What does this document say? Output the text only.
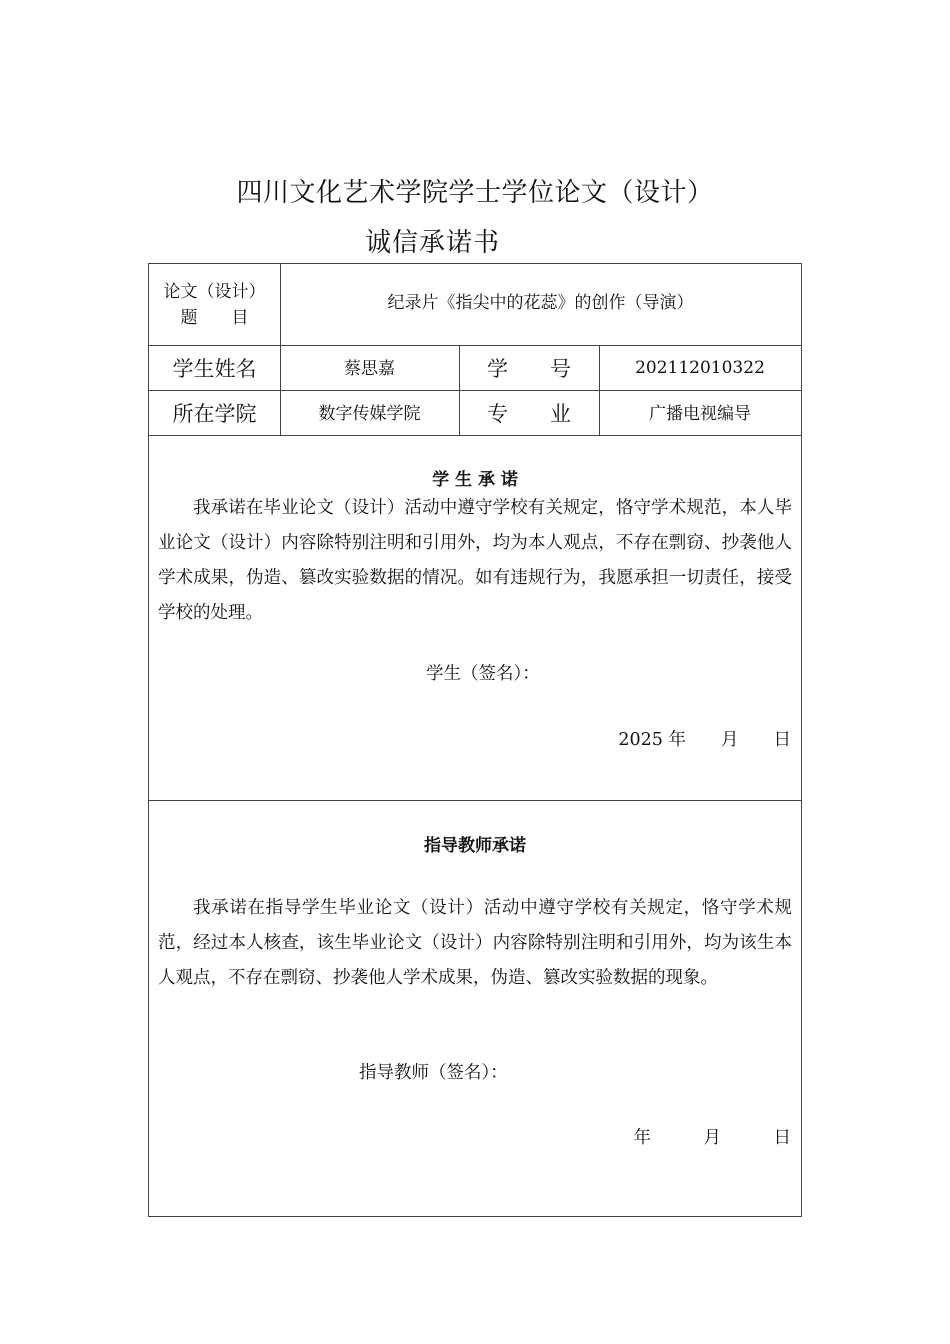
四川文化艺术学院学士学位论文（设计）
诚信承诺书
论文（设计）
题　　目
纪录片《指尖中的花蕊》的创作（导演）
学生姓名	蔡思嘉	学　　号	202112010322
所在学院	数字传媒学院	专　　业	广播电视编导
学 生 承 诺

我承诺在毕业论文（设计）活动中遵守学校有关规定，恪守学术规范，本人毕业论文（设计）内容除特别注明和引用外，均为本人观点，不存在剽窃、抄袭他人学术成果，伪造、篡改实验数据的情况。如有违规行为，我愿承担一切责任，接受学校的处理。

学生（签名）：
2025 年　　月　　日
指导教师承诺

我承诺在指导学生毕业论文（设计）活动中遵守学校有关规定，恪守学术规范，经过本人核查，该生毕业论文（设计）内容除特别注明和引用外，均为该生本人观点，不存在剽窃、抄袭他人学术成果，伪造、篡改实验数据的现象。

指导教师（签名）：
年　　　月　　　日
